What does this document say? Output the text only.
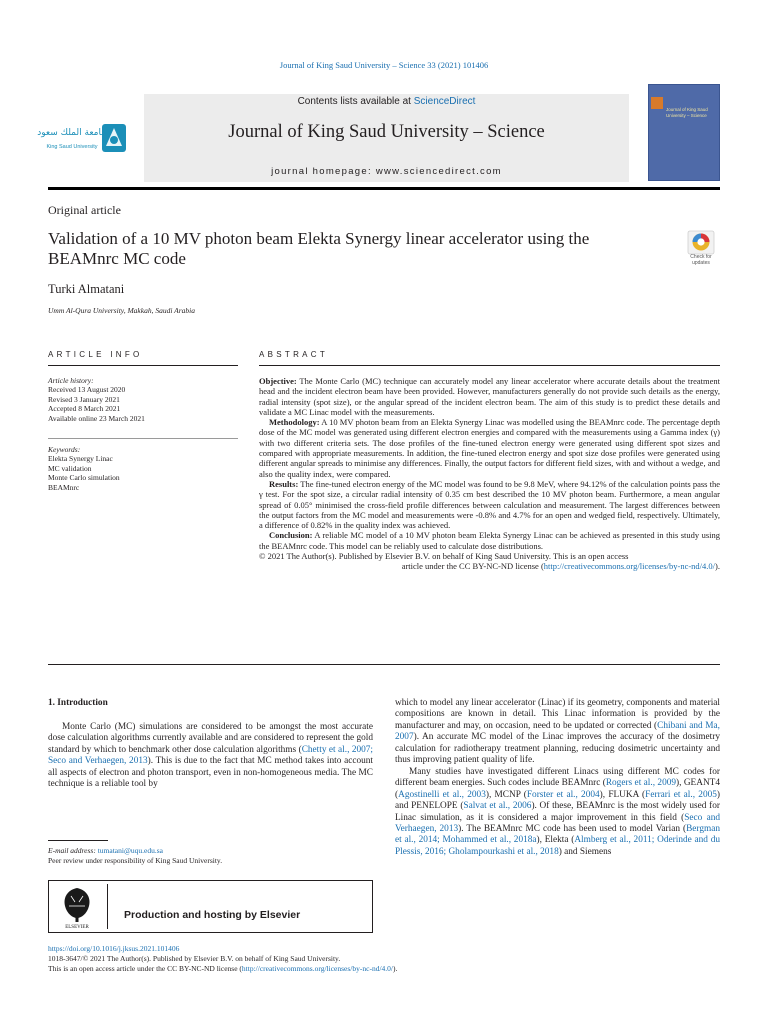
Journal of King Saud University – Science 33 (2021) 101406
جامعة الملك سعود
King Saud University
Contents lists available at ScienceDirect
Journal of King Saud University – Science
journal homepage: www.sciencedirect.com
Journal of King Saud University – Science
Original article
Validation of a 10 MV photon beam Elekta Synergy linear accelerator using the BEAMnrc MC code	Check for updates
Turki Almatani
Umm Al-Qura University, Makkah, Saudi Arabia
ARTICLE INFO
Article history:
Received 13 August 2020
Revised 3 January 2021
Accepted 8 March 2021
Available online 23 March 2021
Keywords:
Elekta Synergy Linac
MC validation
Monte Carlo simulation
BEAMnrc
ABSTRACT

Objective: The Monte Carlo (MC) technique can accurately model any linear accelerator where accurate details about the treatment head and the incident electron beam have been provided. However, manufacturers generally do not provide such details as the energy, radial intensity (spot size), or the angular spread of the incident electron beam. The aim of this study is to predict these details and validate a MC Linac model with the measurements.

Methodology: A 10 MV photon beam from an Elekta Synergy Linac was modelled using the BEAMnrc code. The percentage depth dose of the MC model was generated using different electron energies and compared with the measurements using a Gamma index (γ) with two different criteria sets. The dose profiles of the fine-tuned electron energy were generated using different spot sizes and compared with appropriate measurements. In addition, the fine-tuned electron energy and spot size dose profiles were generated using different angular spreads to minimise any differences. Finally, the output factors for different field sizes, with and without a wedge, and also the quality index, were compared.

Results: The fine-tuned electron energy of the MC model was found to be 9.8 MeV, where 94.12% of the calculation points pass the γ test. For the spot size, a circular radial intensity of 0.35 cm best described the 10 MV photon beam. Furthermore, a mean angular spread of 0.05° minimised the cross-field profile differences between calculation and measurement. The largest differences between the output factors from the MC model and measurements were -0.8% and 4.7% for an open and wedged field, respectively. Ultimately, a difference of 0.82% in the quality index was achieved.

Conclusion: A reliable MC model of a 10 MV photon beam Elekta Synergy Linac can be achieved as presented in this study using the BEAMnrc code. This model can be reliably used to calculate dose distributions.

© 2021 The Author(s). Published by Elsevier B.V. on behalf of King Saud University. This is an open access

article under the CC BY-NC-ND license (http://creativecommons.org/licenses/by-nc-nd/4.0/).

1. Introduction

Monte Carlo (MC) simulations are considered to be amongst the most accurate dose calculation algorithms currently available and are considered to represent the gold standard by which to benchmark other dose calculation algorithms (Chetty et al., 2007; Seco and Verhaegen, 2013). This is due to the fact that MC method takes into account all aspects of electron and photon transport, even in non-homogeneous media. The MC technique is a reliable tool by

E-mail address: tumatani@uqu.edu.sa
Peer review under responsibility of King Saud University.
ELSEVIER
Production and hosting by Elsevier

which to model any linear accelerator (Linac) if its geometry, components and material compositions are known in detail. This Linac information is provided by the manufacturer and may, on occasion, need to be updated or corrected (Chibani and Ma, 2007). An accurate MC model of the Linac improves the accuracy of the dosimetry calculation for radiotherapy treatment planning, reducing dosimetric uncertainty and thus improving patient quality of life.

Many studies have investigated different Linacs using different MC codes for different beam energies. Such codes include BEAMnrc (Rogers et al., 2009), GEANT4 (Agostinelli et al., 2003), MCNP (Forster et al., 2004), FLUKA (Ferrari et al., 2005) and PENELOPE (Salvat et al., 2006). Of these, BEAMnrc is the most widely used for Linac simulation, as it is considered a major improvement in this field (Seco and Verhaegen, 2013). The BEAMnrc MC code has been used to model Varian (Bergman et al., 2014; Mohammed et al., 2018a), Elekta (Almberg et al., 2011; Oderinde and du Plessis, 2016; Gholampourkashi et al., 2018) and Siemens

https://doi.org/10.1016/j.jksus.2021.101406
1018-3647/© 2021 The Author(s). Published by Elsevier B.V. on behalf of King Saud University.
This is an open access article under the CC BY-NC-ND license (http://creativecommons.org/licenses/by-nc-nd/4.0/).
